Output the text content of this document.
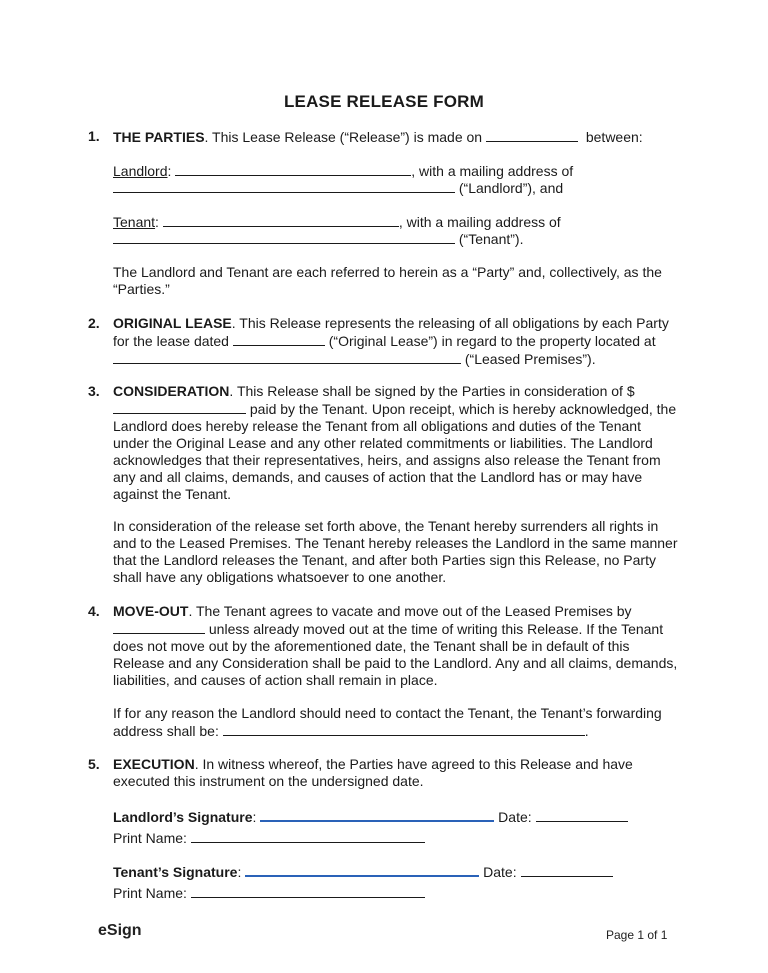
LEASE RELEASE FORM
1. THE PARTIES. This Lease Release (“Release”) is made on	between:
Landlord:	, with a mailing address of
(“Landlord”), and
Tenant:	, with a mailing address of
(“Tenant”).
The Landlord and Tenant are each referred to herein as a “Party” and, collectively, as the “Parties.”
2. ORIGINAL LEASE. This Release represents the releasing of all obligations by each Party for the lease dated	(“Original Lease”) in regard to the property located at  (“Leased Premises”).
3. CONSIDERATION. This Release shall be signed by the Parties in consideration of $ paid by the Tenant. Upon receipt, which is hereby acknowledged, the Landlord does hereby release the Tenant from all obligations and duties of the Tenant under the Original Lease and any other related commitments or liabilities. The Landlord acknowledges that their representatives, heirs, and assigns also release the Tenant from any and all claims, demands, and causes of action that the Landlord has or may have against the Tenant.
In consideration of the release set forth above, the Tenant hereby surrenders all rights in and to the Leased Premises. The Tenant hereby releases the Landlord in the same manner that the Landlord releases the Tenant, and after both Parties sign this Release, no Party shall have any obligations whatsoever to one another.
4. MOVE-OUT. The Tenant agrees to vacate and move out of the Leased Premises by  unless already moved out at the time of writing this Release. If the Tenant does not move out by the aforementioned date, the Tenant shall be in default of this Release and any Consideration shall be paid to the Landlord. Any and all claims, demands, liabilities, and causes of action shall remain in place.
If for any reason the Landlord should need to contact the Tenant, the Tenant’s forwarding address shall be:	.
5. EXECUTION. In witness whereof, the Parties have agreed to this Release and have executed this instrument on the undersigned date.
Landlord’s Signature:	Date:
Print Name:
Tenant’s Signature:	Date:
Print Name:
eSign	Page 1 of 1
